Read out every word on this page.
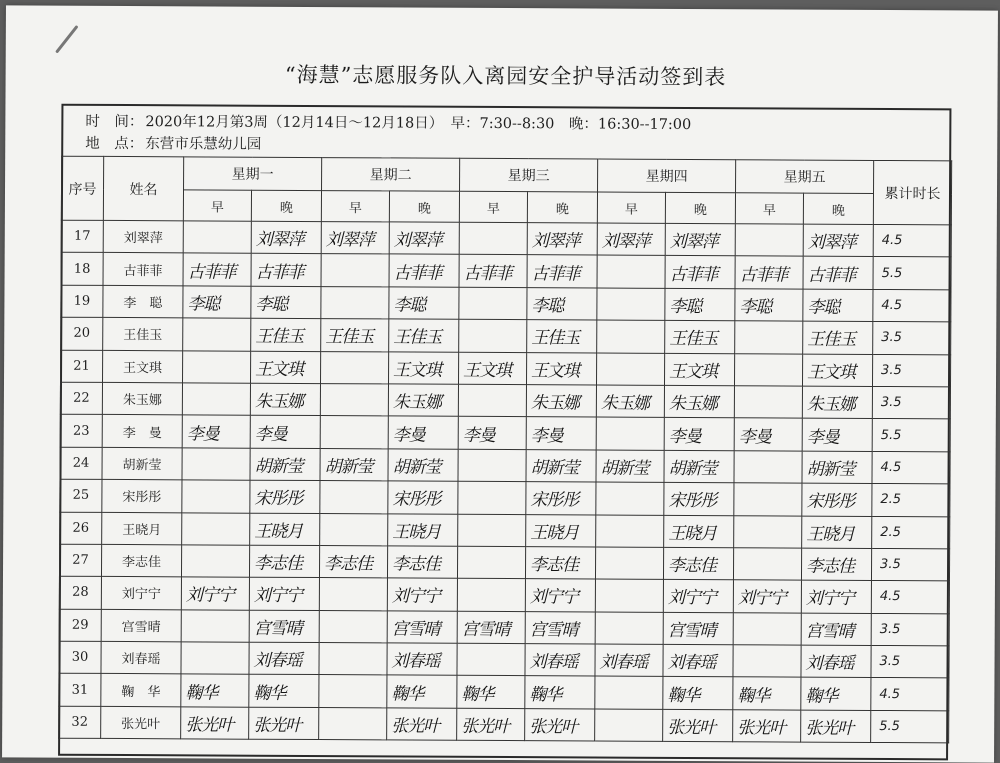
“海慧”志愿服务队入离园安全护导活动签到表
时　间： 2020年12月第3周（12月14日～12月18日）　早：7:30--8:30　晚：16:30--17:00
地　点： 东营市乐慧幼儿园
序号	姓名	星期一		星期二		星期三		星期四		星期五		累计时长
		早	晚	早	晚	早	晚	早	晚	早	晚	
17	刘翠萍		刘翠萍	刘翠萍	刘翠萍		刘翠萍	刘翠萍	刘翠萍		刘翠萍	4.5
18	古菲菲	古菲菲	古菲菲		古菲菲	古菲菲	古菲菲		古菲菲	古菲菲	古菲菲	5.5
19	李　聪	李聪	李聪		李聪		李聪		李聪	李聪	李聪	4.5
20	王佳玉		王佳玉	王佳玉	王佳玉		王佳玉		王佳玉		王佳玉	3.5
21	王文琪		王文琪		王文琪	王文琪	王文琪		王文琪		王文琪	3.5
22	朱玉娜		朱玉娜		朱玉娜		朱玉娜	朱玉娜	朱玉娜		朱玉娜	3.5
23	李　曼	李曼	李曼		李曼	李曼	李曼		李曼	李曼	李曼	5.5
24	胡新莹		胡新莹	胡新莹	胡新莹		胡新莹	胡新莹	胡新莹		胡新莹	4.5
25	宋彤彤		宋彤彤		宋彤彤		宋彤彤		宋彤彤		宋彤彤	2.5
26	王晓月		王晓月		王晓月		王晓月		王晓月		王晓月	2.5
27	李志佳		李志佳	李志佳	李志佳		李志佳		李志佳		李志佳	3.5
28	刘宁宁	刘宁宁	刘宁宁		刘宁宁		刘宁宁		刘宁宁	刘宁宁	刘宁宁	4.5
29	宫雪晴		宫雪晴		宫雪晴	宫雪晴	宫雪晴		宫雪晴		宫雪晴	3.5
30	刘春瑶		刘春瑶		刘春瑶		刘春瑶	刘春瑶	刘春瑶		刘春瑶	3.5
31	鞠　华	鞠华	鞠华		鞠华	鞠华	鞠华		鞠华	鞠华	鞠华	4.5
32	张光叶	张光叶	张光叶		张光叶	张光叶	张光叶		张光叶	张光叶	张光叶	5.5
